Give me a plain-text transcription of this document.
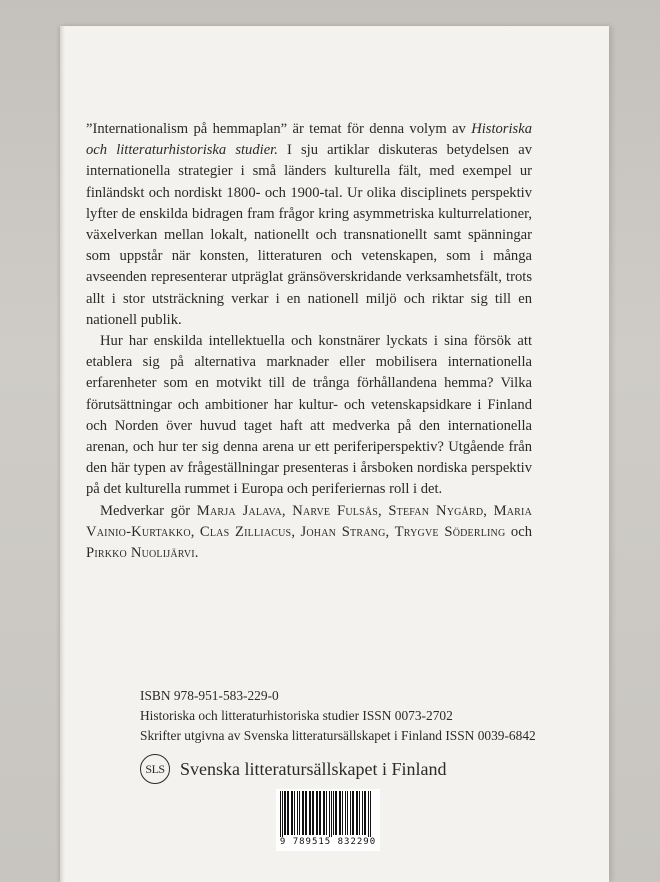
”Internationalism på hemmaplan” är temat för denna volym av Historiska och litteraturhistoriska studier. I sju artiklar diskuteras betydelsen av internationella strategier i små länders kulturella fält, med exempel ur finländskt och nordiskt 1800- och 1900-tal. Ur olika disciplinets perspektiv lyfter de enskilda bidragen fram frågor kring asymmetriska kulturrelationer, växelverkan mellan lokalt, nationellt och transnationellt samt spänningar som uppstår när konsten, litteraturen och vetenskapen, som i många avseenden representerar utpräglat gränsöverskridande verksamhetsfält, trots allt i stor utsträckning verkar i en nationell miljö och riktar sig till en nationell publik.

Hur har enskilda intellektuella och konstnärer lyckats i sina försök att etablera sig på alternativa marknader eller mobilisera internationella erfarenheter som en motvikt till de trånga förhållandena hemma? Vilka förutsättningar och ambitioner har kultur- och vetenskapsidkare i Finland och Norden över huvud taget haft att medverka på den internationella arenan, och hur ter sig denna arena ur ett periferiperspektiv? Utgående från den här typen av frågeställningar presenteras i årsboken nordiska perspektiv på det kulturella rummet i Europa och periferiernas roll i det.

Medverkar gör Marja Jalava, Narve Fulsås, Stefan Nygård, Maria Vainio-Kurtakko, Clas Zilliacus, Johan Strang, Trygve Söderling och Pirkko Nuolijärvi.

ISBN 978-951-583-229-0
Historiska och litteraturhistoriska studier ISSN 0073-2702
Skrifter utgivna av Svenska litteratursällskapet i Finland ISSN 0039-6842
SLS Svenska litteratursällskapet i Finland
9 789515 832290
